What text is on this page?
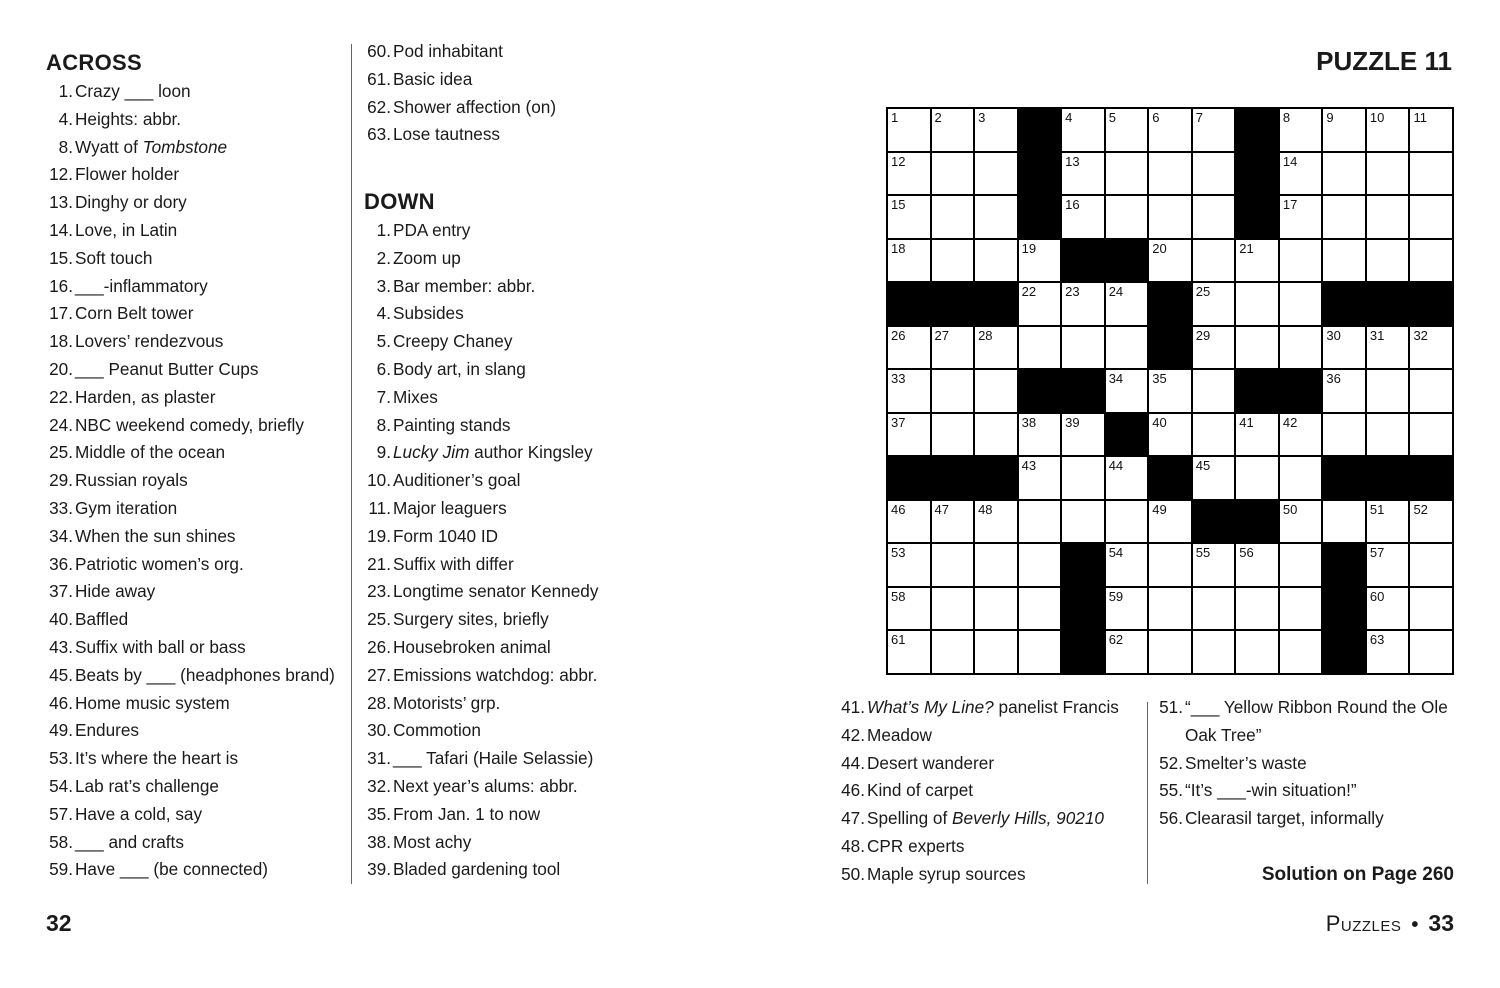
ACROSS
1. Crazy ___ loon
4. Heights: abbr.
8. Wyatt of Tombstone
12. Flower holder
13. Dinghy or dory
14. Love, in Latin
15. Soft touch
16. ___-inflammatory
17. Corn Belt tower
18. Lovers’ rendezvous
20. ___ Peanut Butter Cups
22. Harden, as plaster
24. NBC weekend comedy, briefly
25. Middle of the ocean
29. Russian royals
33. Gym iteration
34. When the sun shines
36. Patriotic women’s org.
37. Hide away
40. Baffled
43. Suffix with ball or bass
45. Beats by ___ (headphones brand)
46. Home music system
49. Endures
53. It’s where the heart is
54. Lab rat’s challenge
57. Have a cold, say
58. ___ and crafts
59. Have ___ (be connected)
60. Pod inhabitant
61. Basic idea
62. Shower affection (on)
63. Lose tautness
DOWN
1. PDA entry
2. Zoom up
3. Bar member: abbr.
4. Subsides
5. Creepy Chaney
6. Body art, in slang
7. Mixes
8. Painting stands
9. Lucky Jim author Kingsley
10. Auditioner’s goal
11. Major leaguers
19. Form 1040 ID
21. Suffix with differ
23. Longtime senator Kennedy
25. Surgery sites, briefly
26. Housebroken animal
27. Emissions watchdog: abbr.
28. Motorists’ grp.
30. Commotion
31. ___ Tafari (Haile Selassie)
32. Next year’s alums: abbr.
35. From Jan. 1 to now
38. Most achy
39. Bladed gardening tool
32
PUZZLE 11
1	2	3	4	5	6	7	8	9	10 11
12	13	14
15	16	17
18	19	20	21
22 23 24	25
26 27 28	29	30 31 32
33	34 35	36
37	38 39	40	41 42
43	44	45
46 47 48	49	50	51 52
53	54	55 56	57
58	59	60
61	62	63
41. What’s My Line? panelist Francis
42. Meadow
44. Desert wanderer
46. Kind of carpet
47. Spelling of Beverly Hills, 90210
48. CPR experts
50. Maple syrup sources
51. “___ Yellow Ribbon Round the Ole Oak Tree”
52. Smelter’s waste
55. “It’s ___-win situation!”
56. Clearasil target, informally
Solution on Page 260
Puzzles • 33
